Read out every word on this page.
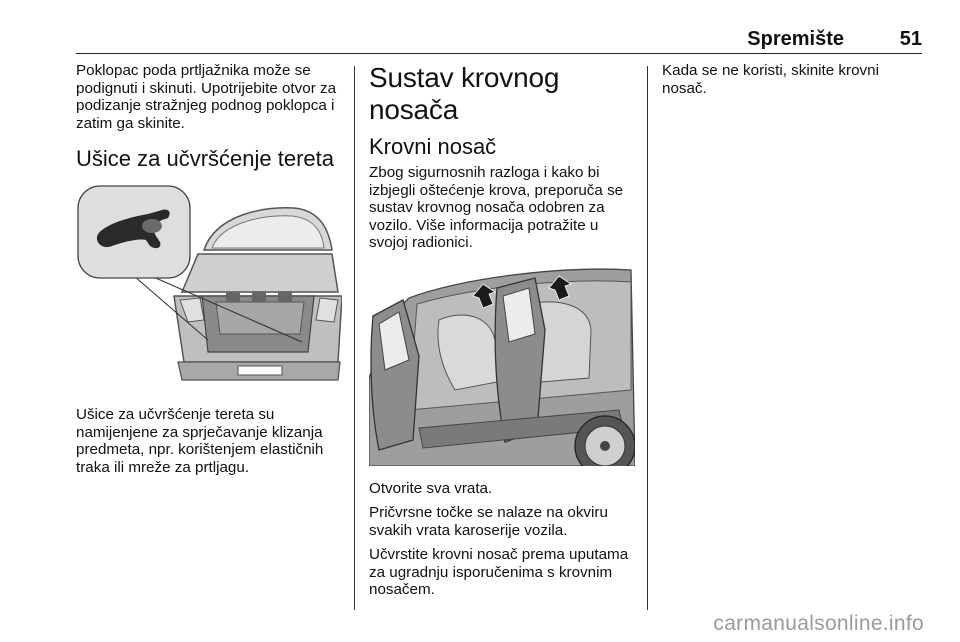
Spremište	51

Poklopac poda prtljažnika može se podignuti i skinuti. Upotrijebite otvor za podizanje stražnjeg podnog poklopca i zatim ga skinite.

Ušice za učvršćenje tereta

Ušice za učvršćenje tereta su namijenjene za sprječavanje klizanja predmeta, npr. korištenjem elastičnih traka ili mreže za prtljagu.

Sustav krovnog nosača
Krovni nosač

Zbog sigurnosnih razloga i kako bi izbjegli oštećenje krova, preporuča se sustav krovnog nosača odobren za vozilo. Više informacija potražite u svojoj radionici.

Otvorite sva vrata.

Pričvrsne točke se nalaze na okviru svakih vrata karoserije vozila.

Učvrstite krovni nosač prema uputama za ugradnju isporučenima s krovnim nosačem.

Kada se ne koristi, skinite krovni nosač.

carmanualsonline.info
